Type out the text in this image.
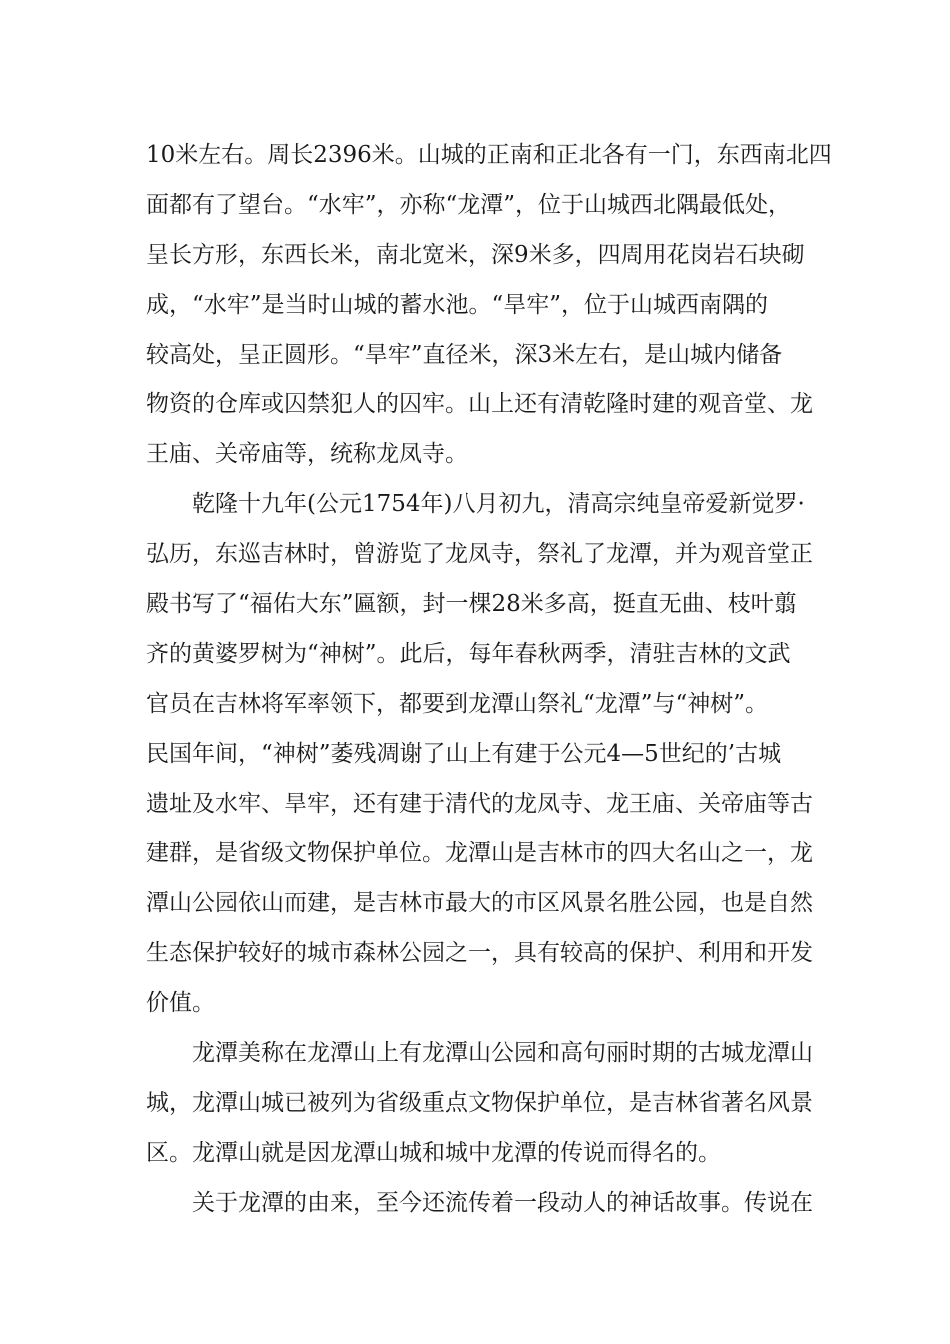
10米左右。周长2396米。山城的正南和正北各有一门，东西南北四
面都有了望台。“水牢”，亦称“龙潭”，位于山城西北隅最低处，
呈长方形，东西长米，南北宽米，深9米多，四周用花岗岩石块砌
成，“水牢”是当时山城的蓄水池。“旱牢”，位于山城西南隅的
较高处，呈正圆形。“旱牢”直径米，深3米左右，是山城内储备
物资的仓库或囚禁犯人的囚牢。山上还有清乾隆时建的观音堂、龙
王庙、关帝庙等，统称龙凤寺。
　　乾隆十九年(公元1754年)八月初九，清高宗纯皇帝爱新觉罗·
弘历，东巡吉林时，曾游览了龙凤寺，祭礼了龙潭，并为观音堂正
殿书写了“福佑大东”匾额，封一棵28米多高，挺直无曲、枝叶翦
齐的黄婆罗树为“神树”。此后，每年春秋两季，清驻吉林的文武
官员在吉林将军率领下，都要到龙潭山祭礼“龙潭”与“神树”。
民国年间，“神树”萎残凋谢了山上有建于公元4—5世纪的’古城
遗址及水牢、旱牢，还有建于清代的龙凤寺、龙王庙、关帝庙等古
建群，是省级文物保护单位。龙潭山是吉林市的四大名山之一，龙
潭山公园依山而建，是吉林市最大的市区风景名胜公园，也是自然
生态保护较好的城市森林公园之一，具有较高的保护、利用和开发
价值。
　　龙潭美称在龙潭山上有龙潭山公园和高句丽时期的古城龙潭山
城，龙潭山城已被列为省级重点文物保护单位，是吉林省著名风景
区。龙潭山就是因龙潭山城和城中龙潭的传说而得名的。
　　关于龙潭的由来，至今还流传着一段动人的神话故事。传说在
